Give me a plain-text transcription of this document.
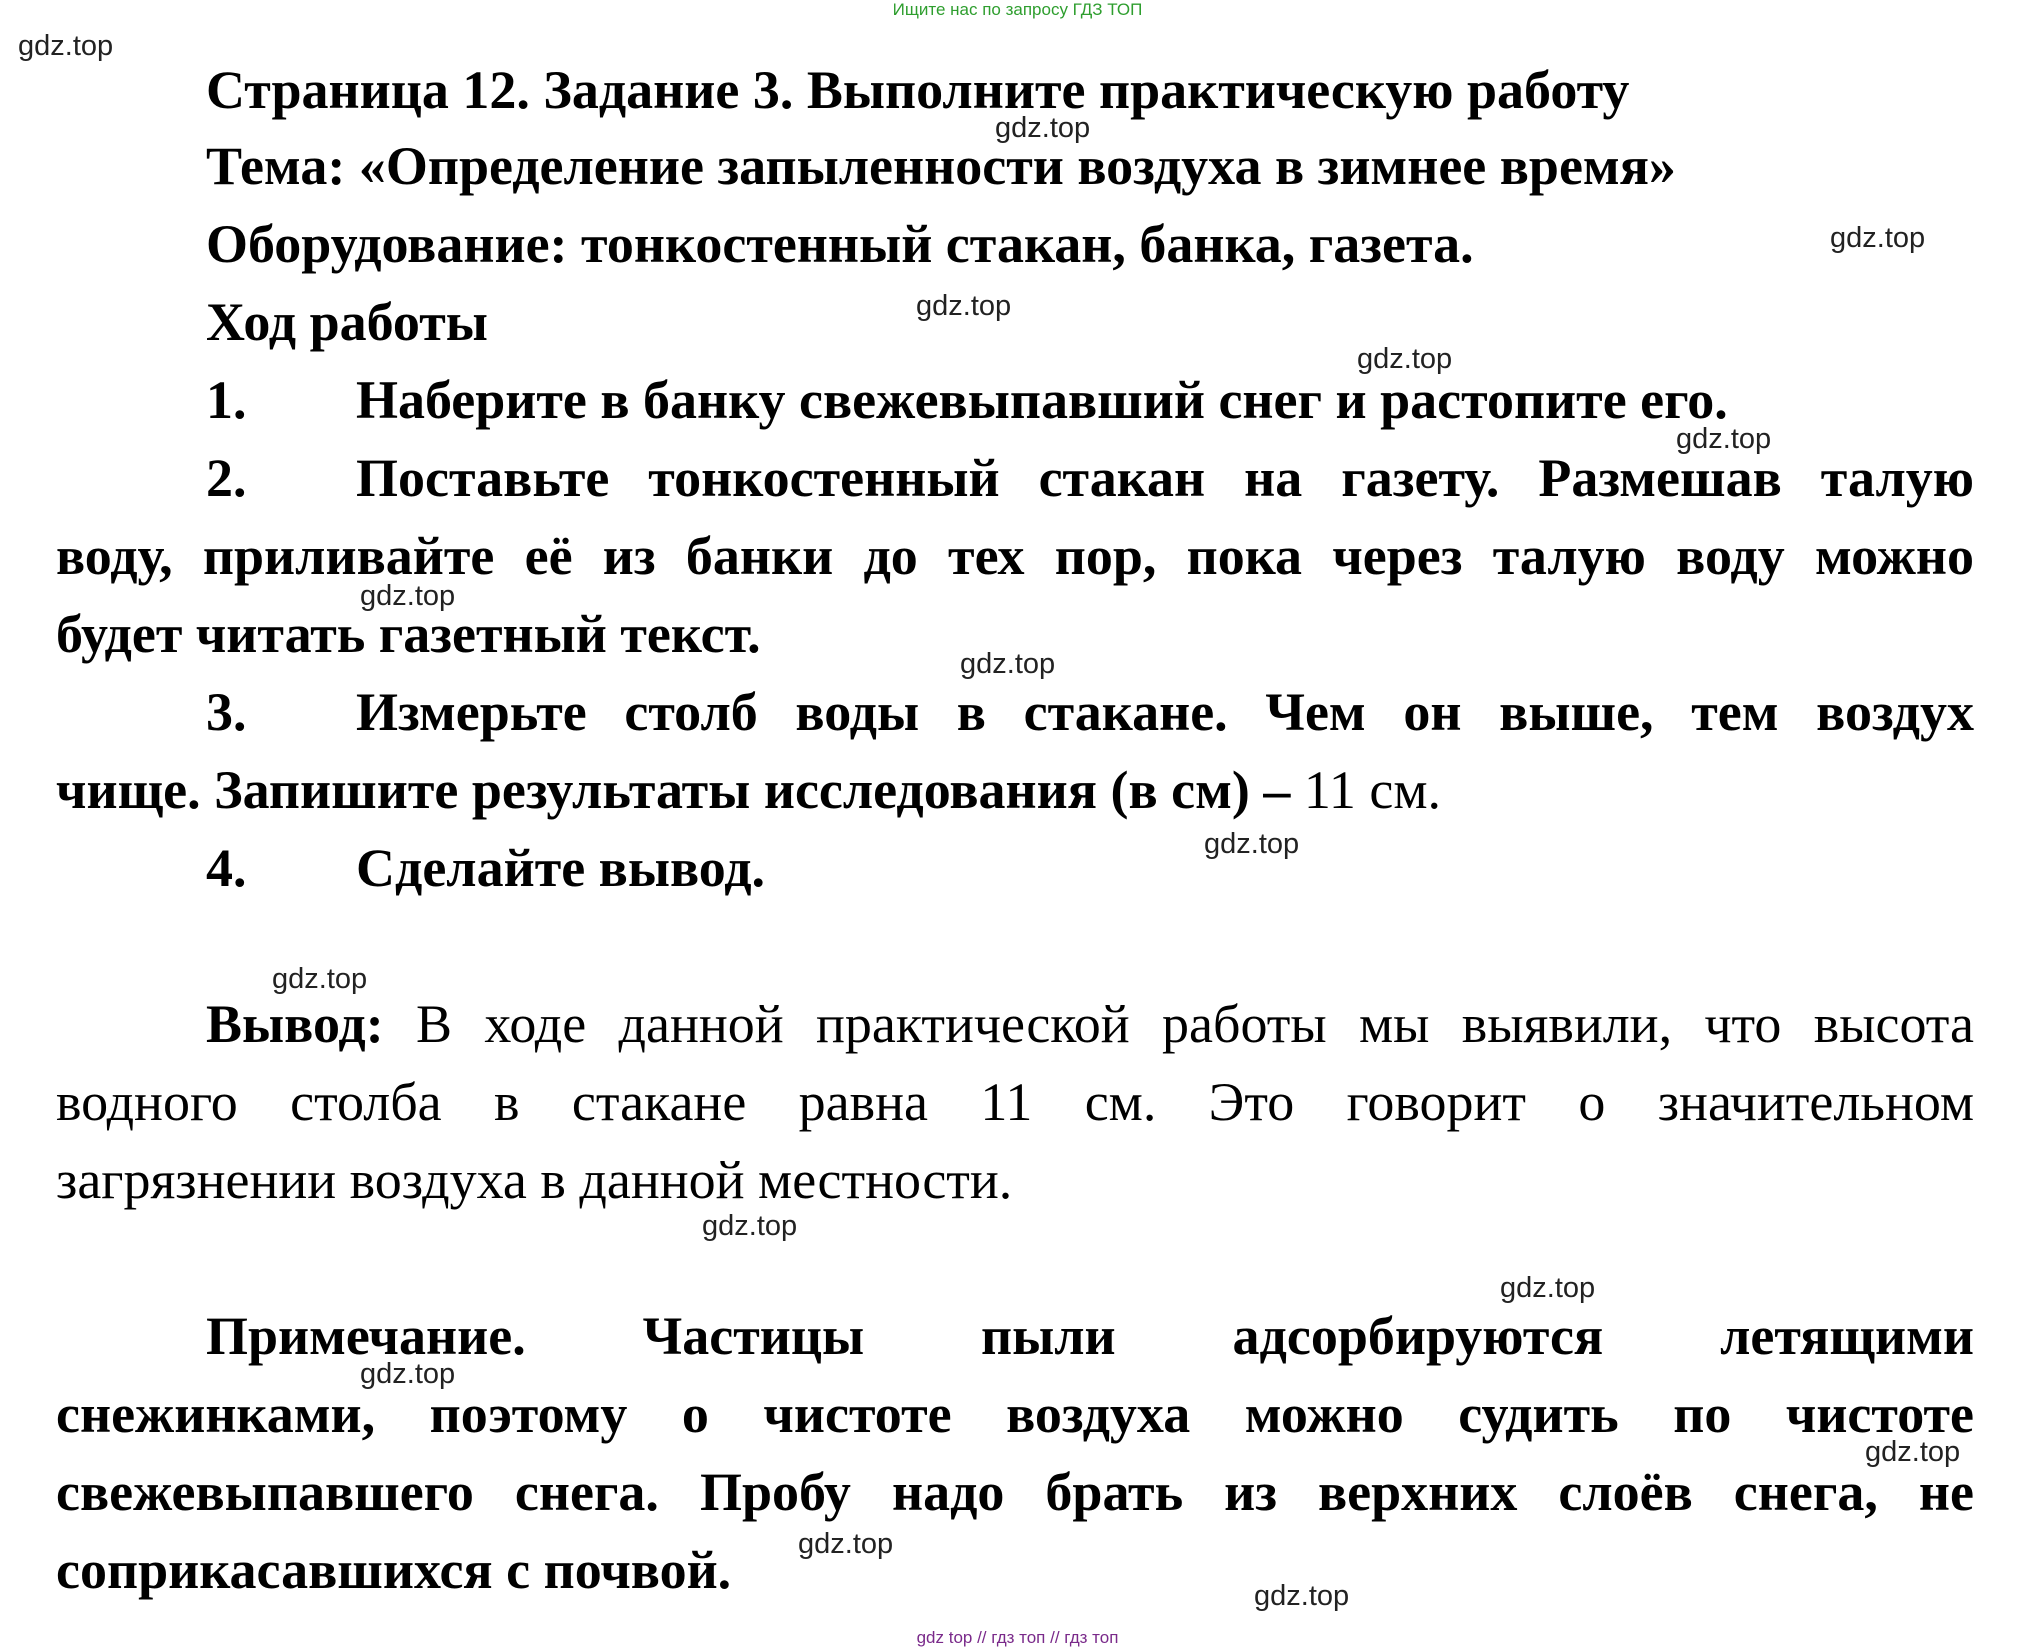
Ищите нас по запросу ГДЗ ТОП
gdz.top
gdz.top
gdz.top
gdz.top
gdz.top
gdz.top
gdz.top
gdz.top
gdz.top
gdz.top
gdz.top
gdz.top
gdz.top
gdz.top
gdz.top
gdz.top
Страница 12. Задание 3. Выполните практическую работу
Тема: «Определение запыленности воздуха в зимнее время»
Оборудование: тонкостенный стакан, банка, газета.
Ход работы
1. Наберите в банку свежевыпавший снег и растопите его.
2. Поставьте тонкостенный стакан на газету. Размешав талую
воду, приливайте её из банки до тех пор, пока через талую воду можно
будет читать газетный текст.
3. Измерьте столб воды в стакане. Чем он выше, тем воздух
чище. Запишите результаты исследования (в см) – 11 см.
4. Сделайте вывод.
Вывод: В ходе данной практической работы мы выявили, что высота
водного столба в стакане равна 11 см. Это говорит о значительном
загрязнении воздуха в данной местности.
Примечание. Частицы пыли адсорбируются летящими
снежинками, поэтому о чистоте воздуха можно судить по чистоте
свежевыпавшего снега. Пробу надо брать из верхних слоёв снега, не
соприкасавшихся с почвой.
gdz top // гдз топ // гдз топ
